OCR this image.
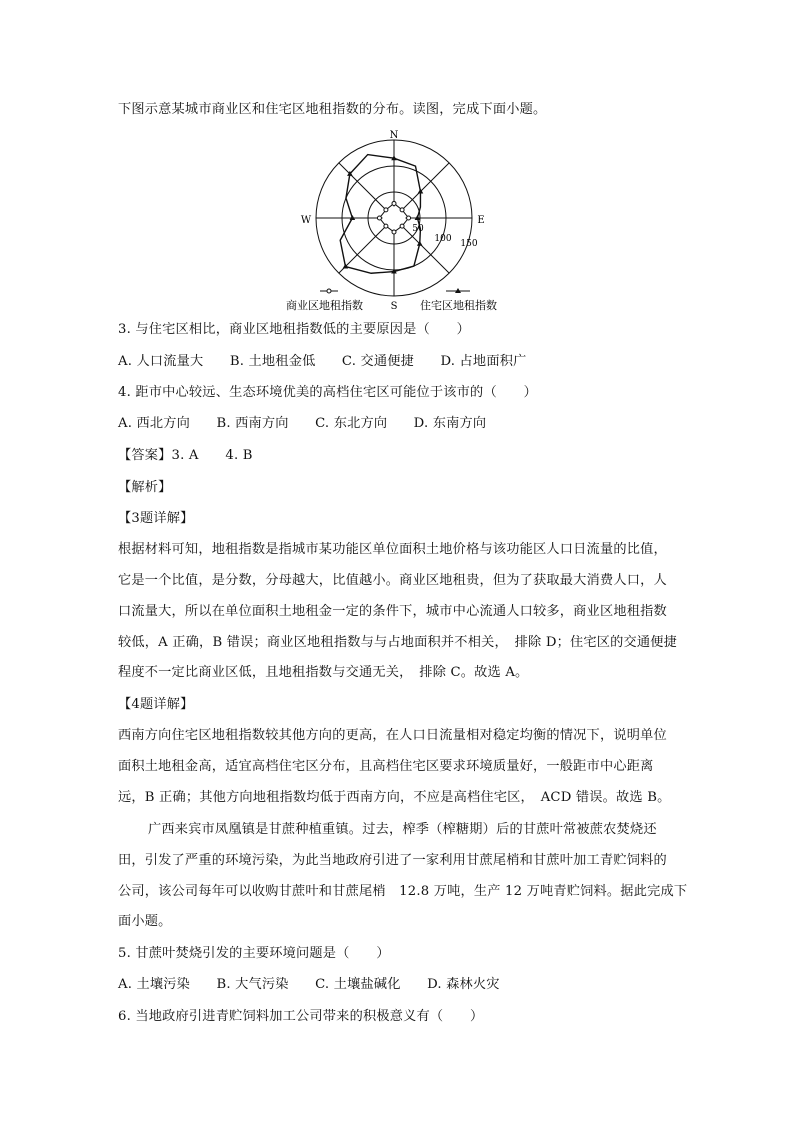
下图示意某城市商业区和住宅区地租指数的分布。读图，完成下面小题。
N
S
E
W
50
100 150
商业区地租指数	住宅区地租指数
3. 与住宅区相比，商业区地租指数低的主要原因是（　　）
A. 人口流量大 B. 土地租金低 C. 交通便捷 D. 占地面积广
4. 距市中心较远、生态环境优美的高档住宅区可能位于该市的（　　）
A. 西北方向 B. 西南方向 C. 东北方向 D. 东南方向
【答案】3. A　　4. B
【解析】
【3题详解】
根据材料可知，地租指数是指城市某功能区单位面积土地价格与该功能区人口日流量的比值，
它是一个比值，是分数，分母越大，比值越小。商业区地租贵，但为了获取最大消费人口，人
口流量大，所以在单位面积土地租金一定的条件下，城市中心流通人口较多，商业区地租指数
较低，A 正确，B 错误；商业区地租指数与与占地面积并不相关，　排除 D；住宅区的交通便捷
程度不一定比商业区低，且地租指数与交通无关，　排除 C。故选 A。
【4题详解】
西南方向住宅区地租指数较其他方向的更高，在人口日流量相对稳定均衡的情况下，说明单位
面积土地租金高，适宜高档住宅区分布，且高档住宅区要求环境质量好，一般距市中心距离
远，B 正确；其他方向地租指数均低于西南方向，不应是高档住宅区，　ACD 错误。故选 B。
广西来宾市凤凰镇是甘蔗种植重镇。过去，榨季（榨糖期）后的甘蔗叶常被蔗农焚烧还
田，引发了严重的环境污染，为此当地政府引进了一家利用甘蔗尾梢和甘蔗叶加工青贮饲料的
公司，该公司每年可以收购甘蔗叶和甘蔗尾梢　12.8 万吨，生产 12 万吨青贮饲料。据此完成下
面小题。
5. 甘蔗叶焚烧引发的主要环境问题是（　　）
A. 土壤污染 B. 大气污染 C. 土壤盐碱化 D. 森林火灾
6. 当地政府引进青贮饲料加工公司带来的积极意义有（　　）
